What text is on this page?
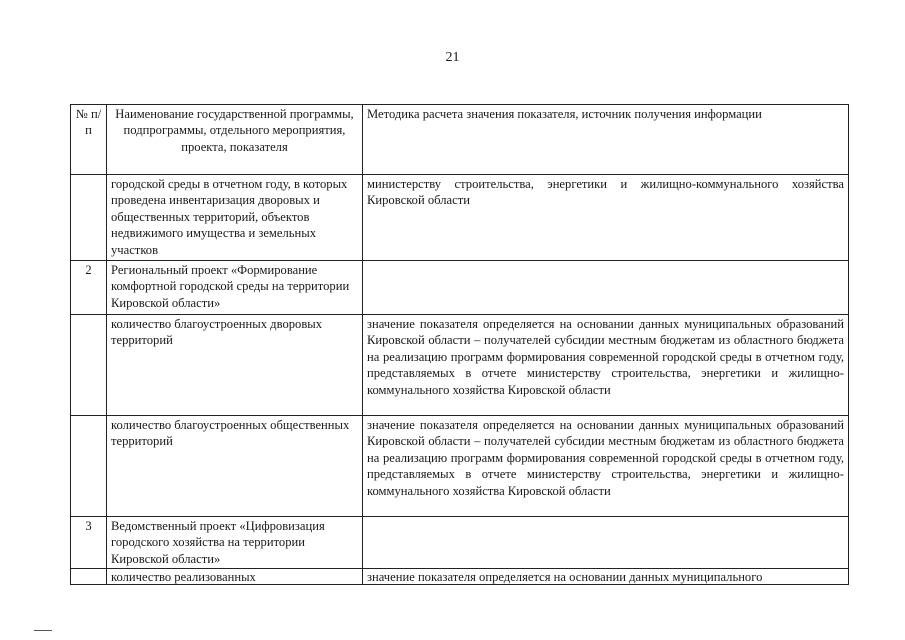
21
№ п/п	Наименование государственной программы, подпрограммы, отдельного мероприятия, проекта, показателя	Методика расчета значения показателя, источник получения информации
	городской среды в отчетном году, в которых проведена инвентаризация дворовых и общественных территорий, объектов недвижимого имущества и земельных участков	министерству строительства, энергетики и жилищно-коммунального хозяйства Кировской области
2	Региональный проект «Формирование комфортной городской среды на территории Кировской области»	
	количество благоустроенных дворовых территорий	значение показателя определяется на основании данных муниципальных образований Кировской области – получателей субсидии местным бюджетам из областного бюджета на реализацию программ формирования современной городской среды в отчетном году, представляемых в отчете министерству строительства, энергетики и жилищно-коммунального хозяйства Кировской области
	количество благоустроенных общественных территорий	значение показателя определяется на основании данных муниципальных образований Кировской области – получателей субсидии местным бюджетам из областного бюджета на реализацию программ формирования современной городской среды в отчетном году, представляемых в отчете министерству строительства, энергетики и жилищно-коммунального хозяйства Кировской области
3	Ведомственный проект «Цифровизация городского хозяйства на территории Кировской области»	
	количество реализованных	значение показателя определяется на основании данных муниципального
